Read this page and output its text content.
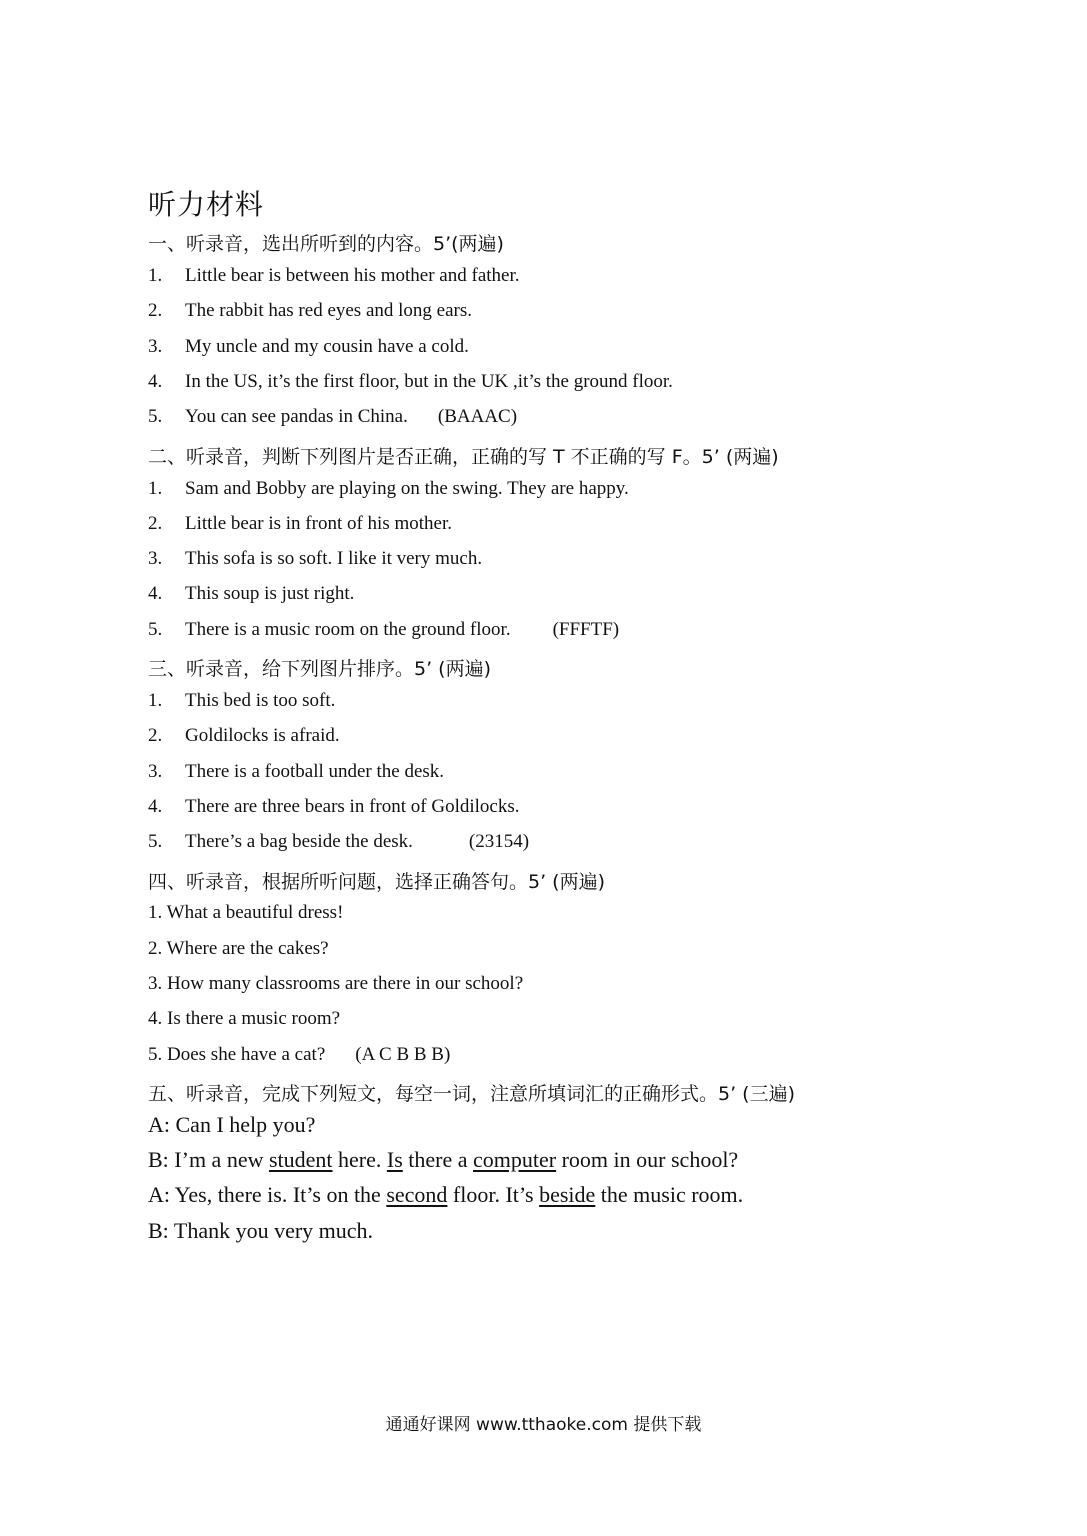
听力材料

一、听录音，选出所听到的内容。5’(两遍)

1. Little bear is between his mother and father.

2. The rabbit has red eyes and long ears.

3. My uncle and my cousin have a cold.

4. In the US, it’s the first floor, but in the UK ,it’s the ground floor.

5. You can see pandas in China. (BAAAC)

二、听录音，判断下列图片是否正确，正确的写 T 不正确的写 F。5’ (两遍)

1. Sam and Bobby are playing on the swing. They are happy.

2. Little bear is in front of his mother.

3. This sofa is so soft. I like it very much.

4. This soup is just right.

5. There is a music room on the ground floor. (FFFTF)

三、听录音，给下列图片排序。5’ (两遍)

1. This bed is too soft.

2. Goldilocks is afraid.

3. There is a football under the desk.

4. There are three bears in front of Goldilocks.

5. There’s a bag beside the desk.	(23154)

四、听录音，根据所听问题，选择正确答句。5’ (两遍)

1. What a beautiful dress!

2. Where are the cakes?

3. How many classrooms are there in our school?

4. Is there a music room?

5. Does she have a cat? (A C B B B)

五、听录音，完成下列短文，每空一词，注意所填词汇的正确形式。5’ (三遍)

A: Can I help you?

B: I’m a new student here. Is there a computer room in our school?

A: Yes, there is. It’s on the second floor. It’s beside the music room.

B: Thank you very much.

通通好课网 www.tthaoke.com 提供下载
